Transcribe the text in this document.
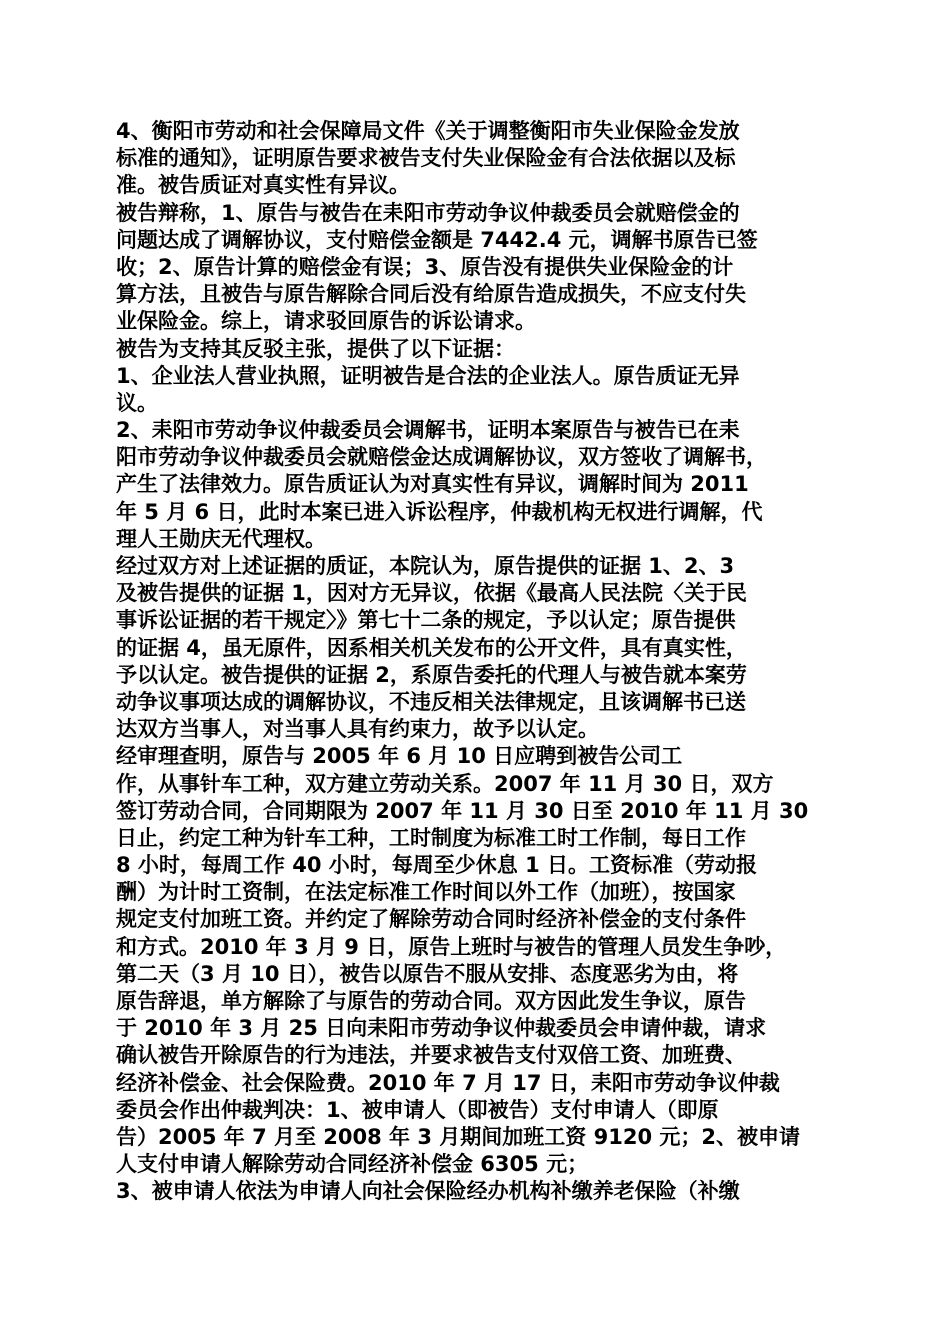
4、衡阳市劳动和社会保障局文件《关于调整衡阳市失业保险金发放
标准的通知》，证明原告要求被告支付失业保险金有合法依据以及标
准。被告质证对真实性有异议。
被告辩称，1、原告与被告在耒阳市劳动争议仲裁委员会就赔偿金的
问题达成了调解协议，支付赔偿金额是 7442.4 元，调解书原告已签
收；2、原告计算的赔偿金有误；3、原告没有提供失业保险金的计
算方法，且被告与原告解除合同后没有给原告造成损失，不应支付失
业保险金。综上，请求驳回原告的诉讼请求。
被告为支持其反驳主张，提供了以下证据：
1、企业法人营业执照，证明被告是合法的企业法人。原告质证无异
议。
2、耒阳市劳动争议仲裁委员会调解书，证明本案原告与被告已在耒
阳市劳动争议仲裁委员会就赔偿金达成调解协议，双方签收了调解书，
产生了法律效力。原告质证认为对真实性有异议，调解时间为 2011
年 5 月 6 日，此时本案已进入诉讼程序，仲裁机构无权进行调解，代
理人王勋庆无代理权。
经过双方对上述证据的质证，本院认为，原告提供的证据 1、2、3
及被告提供的证据 1，因对方无异议，依据《最高人民法院〈关于民
事诉讼证据的若干规定〉》第七十二条的规定，予以认定；原告提供
的证据 4，虽无原件，因系相关机关发布的公开文件，具有真实性，
予以认定。被告提供的证据 2，系原告委托的代理人与被告就本案劳
动争议事项达成的调解协议，不违反相关法律规定，且该调解书已送
达双方当事人，对当事人具有约束力，故予以认定。
经审理查明，原告与 2005 年 6 月 10 日应聘到被告公司工
作，从事针车工种，双方建立劳动关系。2007 年 11 月 30 日，双方
签订劳动合同，合同期限为 2007 年 11 月 30 日至 2010 年 11 月 30
日止，约定工种为针车工种，工时制度为标准工时工作制，每日工作
8 小时，每周工作 40 小时，每周至少休息 1 日。工资标准（劳动报
酬）为计时工资制，在法定标准工作时间以外工作（加班），按国家
规定支付加班工资。并约定了解除劳动合同时经济补偿金的支付条件
和方式。2010 年 3 月 9 日，原告上班时与被告的管理人员发生争吵，
第二天（3 月 10 日），被告以原告不服从安排、态度恶劣为由，将
原告辞退，单方解除了与原告的劳动合同。双方因此发生争议，原告
于 2010 年 3 月 25 日向耒阳市劳动争议仲裁委员会申请仲裁，请求
确认被告开除原告的行为违法，并要求被告支付双倍工资、加班费、
经济补偿金、社会保险费。2010 年 7 月 17 日，耒阳市劳动争议仲裁
委员会作出仲裁判决：1、被申请人（即被告）支付申请人（即原
告）2005 年 7 月至 2008 年 3 月期间加班工资 9120 元；2、被申请
人支付申请人解除劳动合同经济补偿金 6305 元；
3、被申请人依法为申请人向社会保险经办机构补缴养老保险（补缴
